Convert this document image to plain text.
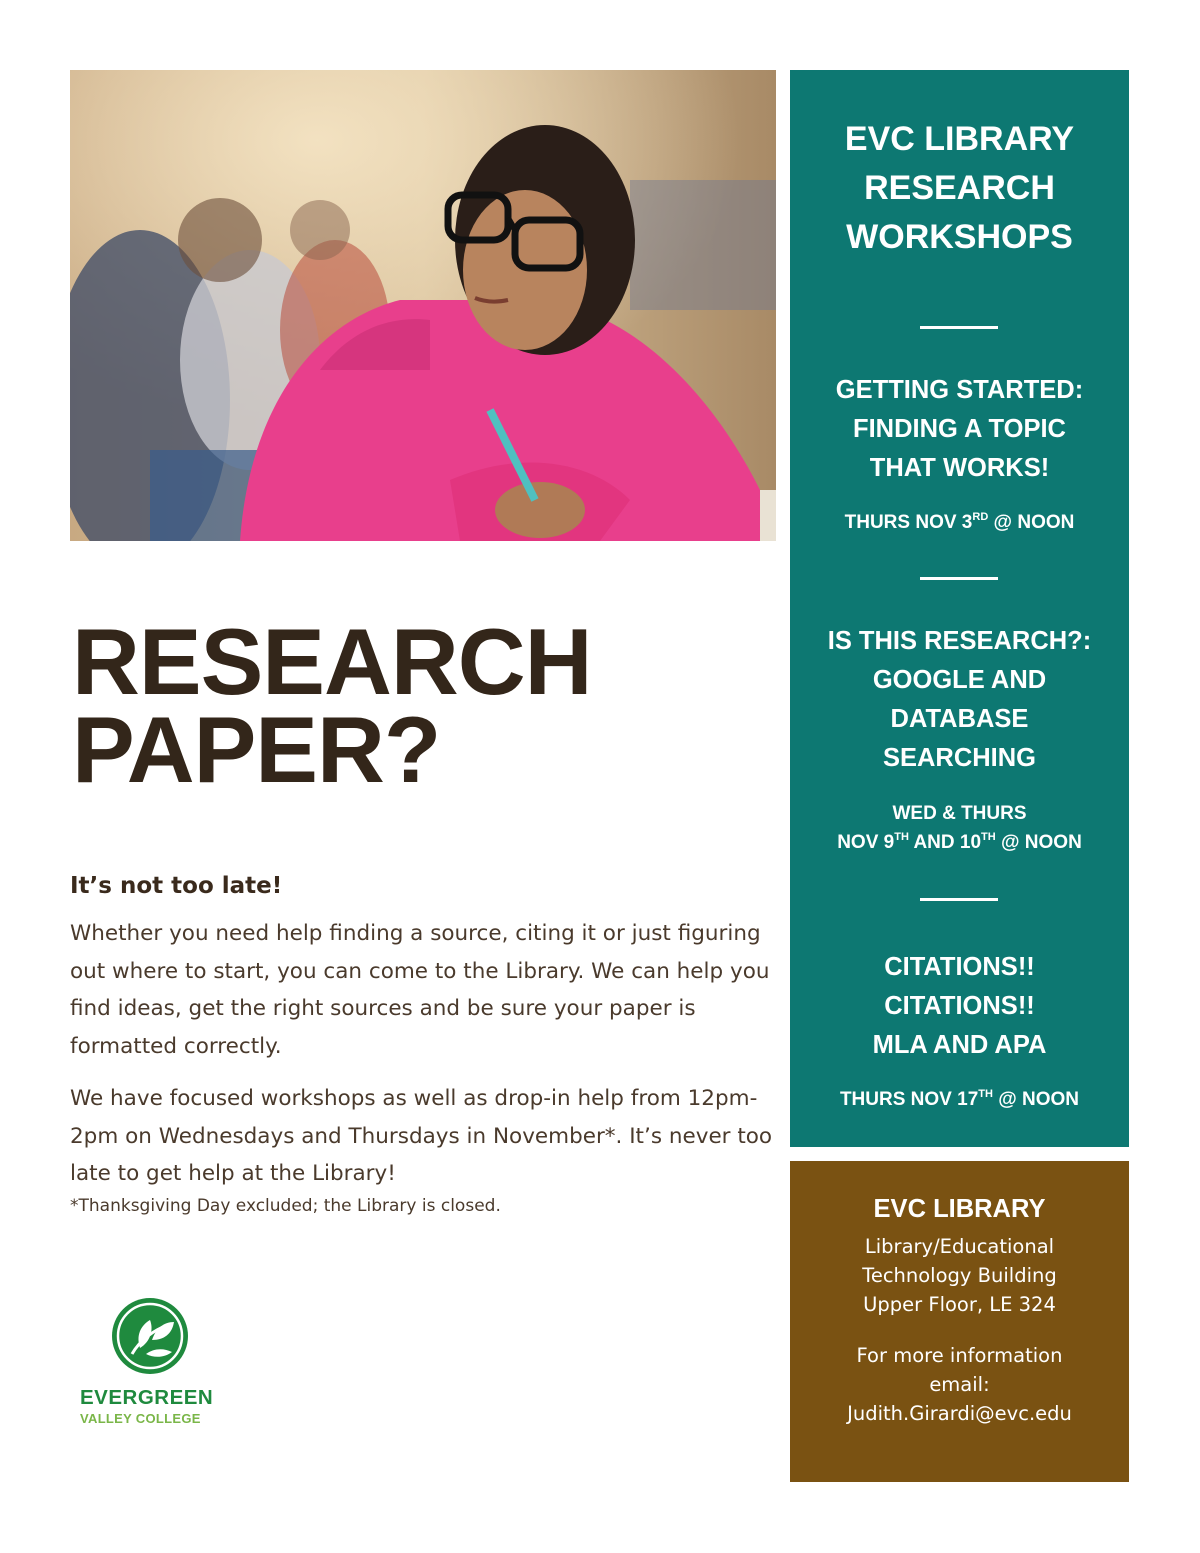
RESEARCH
PAPER?
It’s not too late!
Whether you need help finding a source, citing it or just figuring out where to start, you can come to the Library. We can help you find ideas, get the right sources and be sure your paper is formatted correctly.
We have focused workshops as well as drop-in help from 12pm-2pm on Wednesdays and Thursdays in November*. It’s never too late to get help at the Library!
*Thanksgiving Day excluded; the Library is closed.
EVERGREEN
VALLEY COLLEGE
EVC LIBRARY
RESEARCH
WORKSHOPS
GETTING STARTED:
FINDING A TOPIC
THAT WORKS!
THURS NOV 3RD @ NOON
IS THIS RESEARCH?:
GOOGLE AND
DATABASE
SEARCHING
WED & THURS
NOV 9TH AND 10TH @ NOON
CITATIONS!!
CITATIONS!!
MLA AND APA
THURS NOV 17TH @ NOON
EVC LIBRARY
Library/Educational
Technology Building
Upper Floor, LE 324
For more information
email:
Judith.Girardi@evc.edu
